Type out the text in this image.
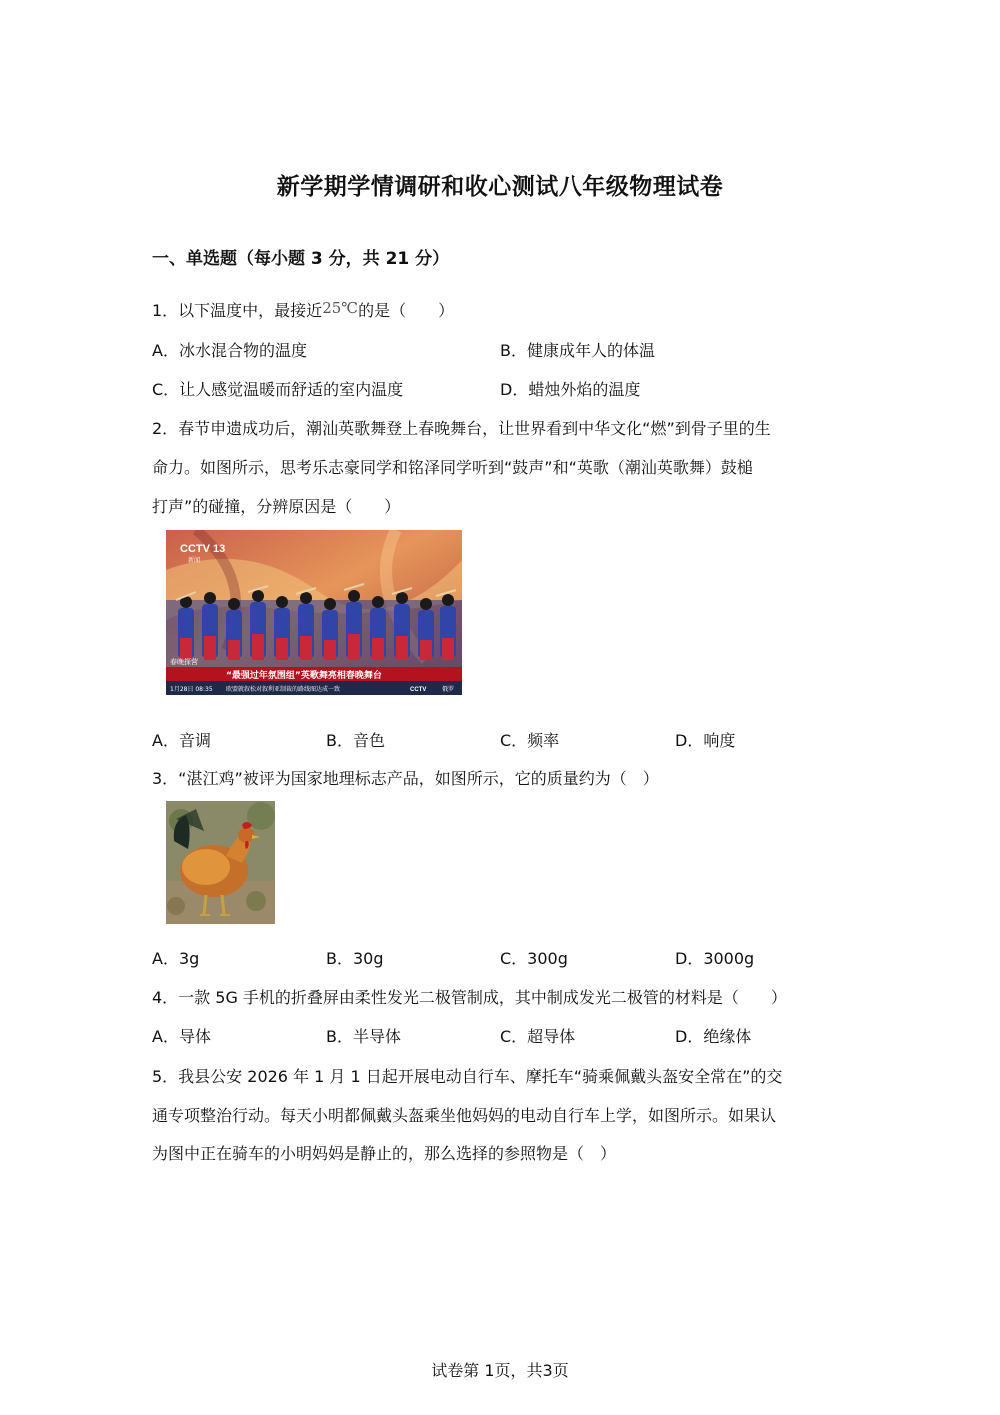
新学期学情调研和收心测试八年级物理试卷
一、单选题（每小题 3 分，共 21 分）
1．以下温度中，最接近25℃的是（　　）
A．冰水混合物的温度	B．健康成年人的体温
C．让人感觉温暖而舒适的室内温度	D．蜡烛外焰的温度
2．春节申遗成功后，潮汕英歌舞登上春晚舞台，让世界看到中华文化“燃”到骨子里的生
命力。如图所示，思考乐志豪同学和铭泽同学听到“鼓声”和“英歌（潮汕英歌舞）鼓槌
打声”的碰撞，分辨原因是（　　）
CCTV 13
新闻
春晚探营
“最强过年氛围组”英歌舞亮相春晚舞台
1月28日 08:35 欧盟就叙松对叙利亚制裁的路线图达成一致	CCTV	俄罗
A．音调	B．音色	C．频率	D．响度
3．“湛江鸡”被评为国家地理标志产品，如图所示，它的质量约为（　）
A．3g	B．30g	C．300g	D．3000g
4．一款 5G 手机的折叠屏由柔性发光二极管制成，其中制成发光二极管的材料是（　　）
A．导体	B．半导体	C．超导体	D．绝缘体
5．我县公安 2026 年 1 月 1 日起开展电动自行车、摩托车“骑乘佩戴头盔安全常在”的交
通专项整治行动。每天小明都佩戴头盔乘坐他妈妈的电动自行车上学，如图所示。如果认
为图中正在骑车的小明妈妈是静止的，那么选择的参照物是（　）
试卷第 1页，共3页
